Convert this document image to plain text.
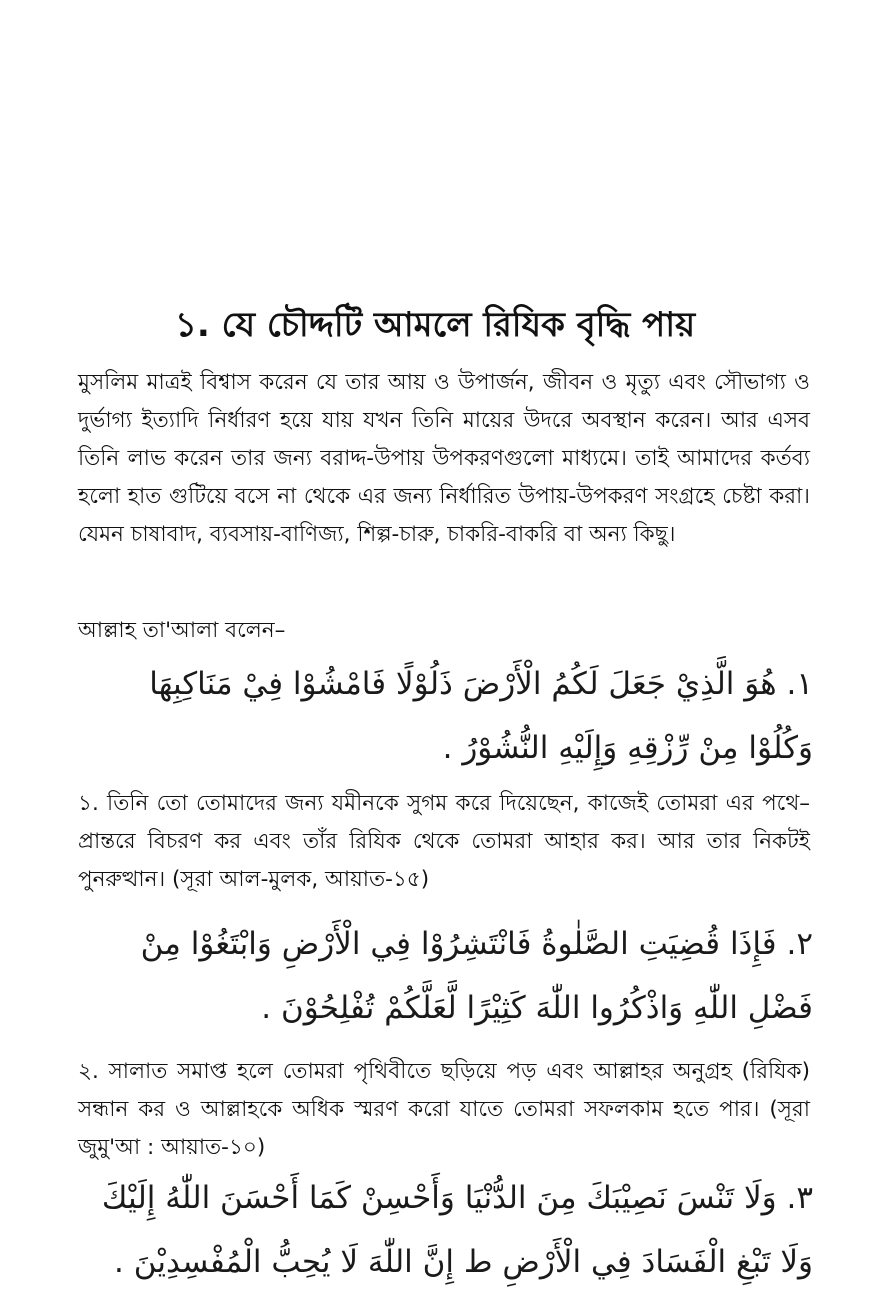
১. যে চৌদ্দটি আমলে রিযিক বৃদ্ধি পায়
মুসলিম মাত্রই বিশ্বাস করেন যে তার আয় ও উপার্জন, জীবন ও মৃত্যু এবং সৌভাগ্য ও দুর্ভাগ্য ইত্যাদি নির্ধারণ হয়ে যায় যখন তিনি মায়ের উদরে অবস্থান করেন। আর এসব তিনি লাভ করেন তার জন্য বরাদ্দ-উপায় উপকরণগুলো মাধ্যমে। তাই আমাদের কর্তব্য হলো হাত গুটিয়ে বসে না থেকে এর জন্য নির্ধারিত উপায়-উপকরণ সংগ্রহে চেষ্টা করা। যেমন চাষাবাদ, ব্যবসায়-বাণিজ্য, শিল্প-চারু, চাকরি-বাকরি বা অন্য কিছু।
আল্লাহ তা'আলা বলেন–
١. هُوَ الَّذِيْ جَعَلَ لَكُمُ الْأَرْضَ ذَلُوْلًا فَامْشُوْا فِيْ مَنَاكِبِهَا
وَكُلُوْا مِنْ رِّزْقِهِ وَإِلَيْهِ النُّشُوْرُ .
১. তিনি তো তোমাদের জন্য যমীনকে সুগম করে দিয়েছেন, কাজেই তোমরা এর পথে–প্রান্তরে বিচরণ কর এবং তাঁর রিযিক থেকে তোমরা আহার কর। আর তার নিকটই পুনরুত্থান। (সূরা আল-মুলক, আয়াত-১৫)
٢. فَإِذَا قُضِيَتِ الصَّلٰوةُ فَانْتَشِرُوْا فِي الْأَرْضِ وَابْتَغُوْا مِنْ
فَضْلِ اللّٰهِ وَاذْكُرُوا اللّٰهَ كَثِيْرًا لَّعَلَّكُمْ تُفْلِحُوْنَ .
২. সালাত সমাপ্ত হলে তোমরা পৃথিবীতে ছড়িয়ে পড় এবং আল্লাহর অনুগ্রহ (রিযিক) সন্ধান কর ও আল্লাহকে অধিক স্মরণ করো যাতে তোমরা সফলকাম হতে পার। (সূরা জুমু'আ : আয়াত-১০)
٣. وَلَا تَنْسَ نَصِيْبَكَ مِنَ الدُّنْيَا وَأَحْسِنْ كَمَا أَحْسَنَ اللّٰهُ إِلَيْكَ
وَلَا تَبْغِ الْفَسَادَ فِي الْأَرْضِ ط إِنَّ اللّٰهَ لَا يُحِبُّ الْمُفْسِدِيْنَ .
